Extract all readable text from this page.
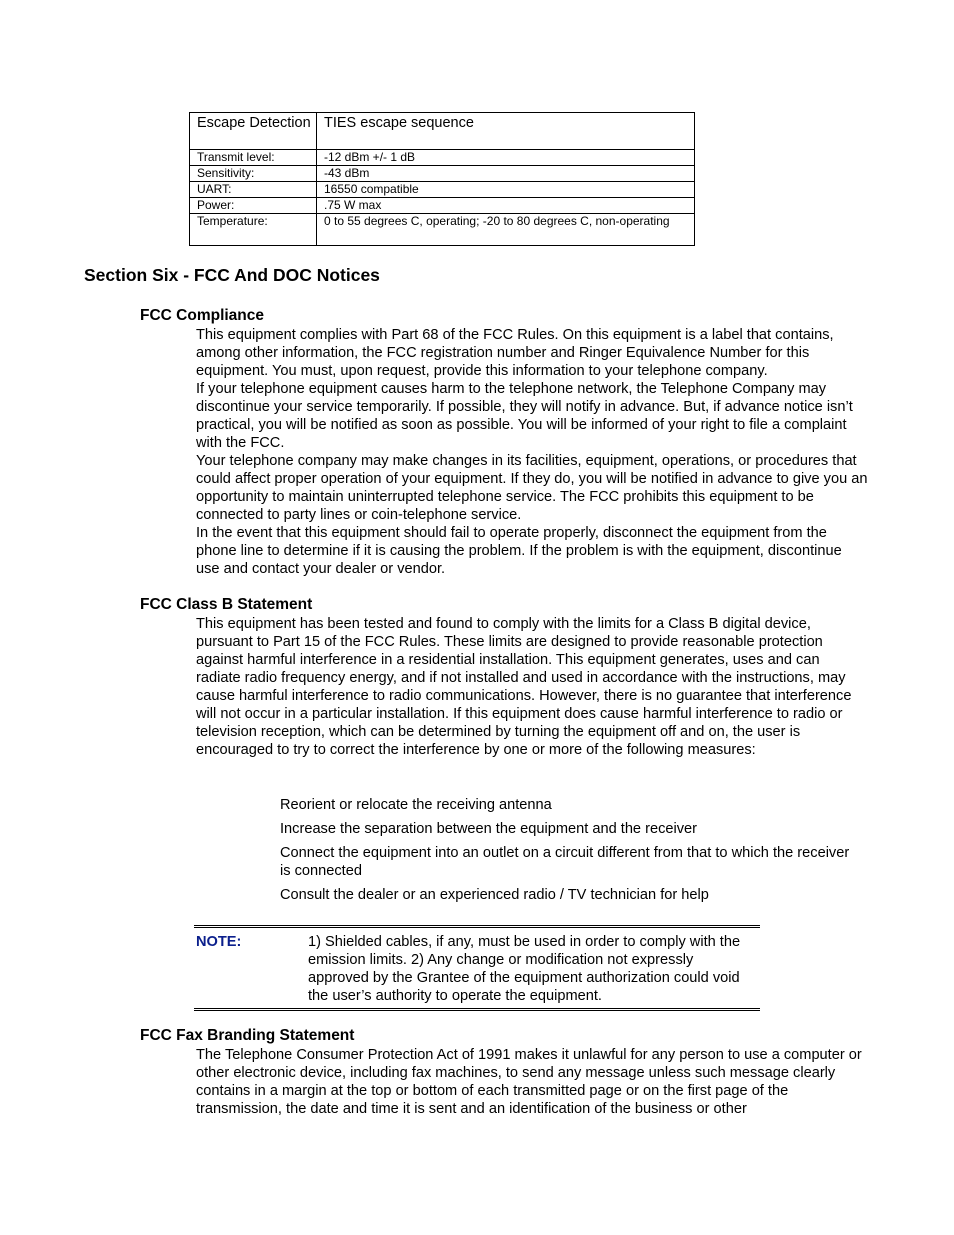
Escape Detection	TIES escape sequence
Transmit level:	-12 dBm +/- 1 dB
Sensitivity:	-43 dBm
UART:	16550 compatible
Power:	.75 W max
Temperature:	0 to 55 degrees C, operating; -20 to 80 degrees C, non-operating
Section Six - FCC And DOC Notices
FCC Compliance

This equipment complies with Part 68 of the FCC Rules. On this equipment is a label that contains, among other information, the FCC registration number and Ringer Equivalence Number for this equipment. You must, upon request, provide this information to your telephone company.

If your telephone equipment causes harm to the telephone network, the Telephone Company may discontinue your service temporarily. If possible, they will notify in advance. But, if advance notice isn’t practical, you will be notified as soon as possible. You will be informed of your right to file a complaint with the FCC.

Your telephone company may make changes in its facilities, equipment, operations, or procedures that could affect proper operation of your equipment. If they do, you will be notified in advance to give you an opportunity to maintain uninterrupted telephone service. The FCC prohibits this equipment to be connected to party lines or coin-telephone service.

In the event that this equipment should fail to operate properly, disconnect the equipment from the phone line to determine if it is causing the problem. If the problem is with the equipment, discontinue use and contact your dealer or vendor.

FCC Class B Statement

This equipment has been tested and found to comply with the limits for a Class B digital device, pursuant to Part 15 of the FCC Rules. These limits are designed to provide reasonable protection against harmful interference in a residential installation. This equipment generates, uses and can radiate radio frequency energy, and if not installed and used in accordance with the instructions, may cause harmful interference to radio communications. However, there is no guarantee that interference will not occur in a particular installation. If this equipment does cause harmful interference to radio or television reception, which can be determined by turning the equipment off and on, the user is encouraged to try to correct the interference by one or more of the following measures:

Reorient or relocate the receiving antenna
Increase the separation between the equipment and the receiver
Connect the equipment into an outlet on a circuit different from that to which the receiver is connected
Consult the dealer or an experienced radio / TV technician for help
NOTE:	1) Shielded cables, if any, must be used in order to comply with the emission limits. 2) Any change or modification not expressly approved by the Grantee of the equipment authorization could void the user’s authority to operate the equipment.
FCC Fax Branding Statement

The Telephone Consumer Protection Act of 1991 makes it unlawful for any person to use a computer or other electronic device, including fax machines, to send any message unless such message clearly contains in a margin at the top or bottom of each transmitted page or on the first page of the transmission, the date and time it is sent and an identification of the business or other
